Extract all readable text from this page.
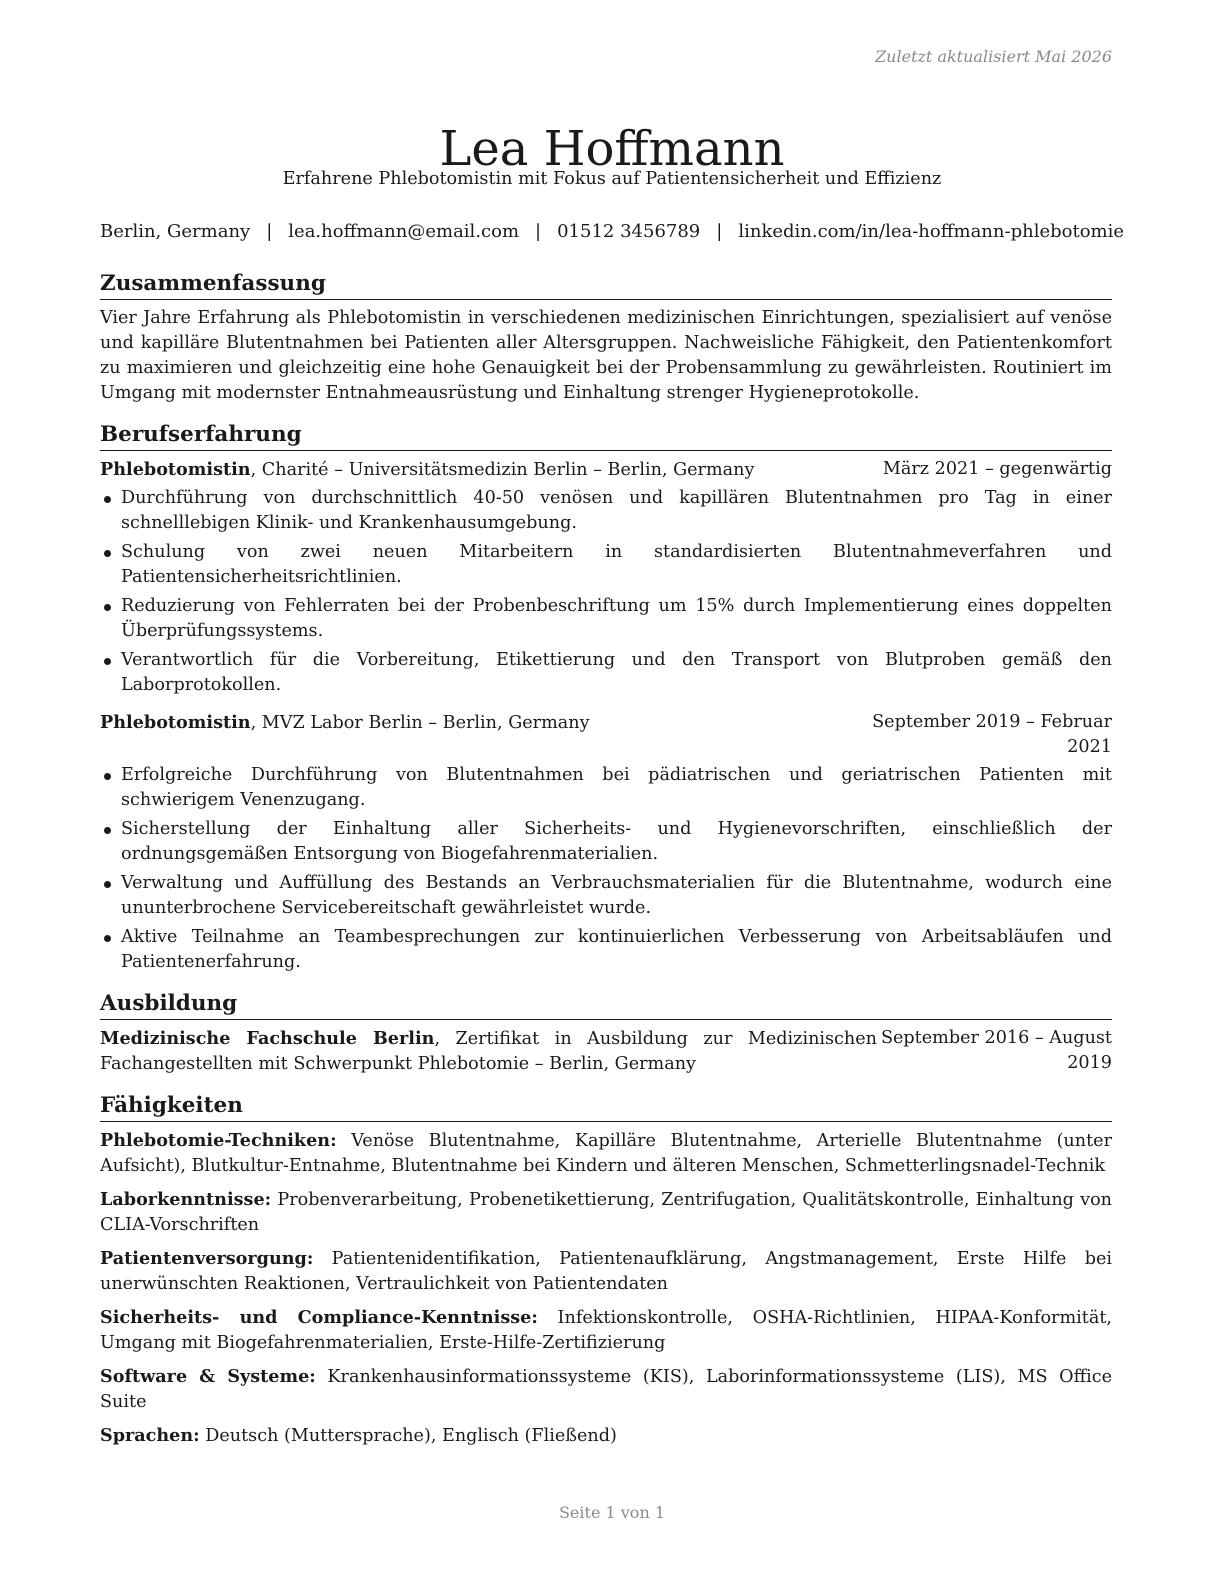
Zuletzt aktualisiert Mai 2026
Lea Hoffmann
Erfahrene Phlebotomistin mit Fokus auf Patientensicherheit und Effizienz
Berlin, Germany | lea.hoffmann@email.com | 01512 3456789 | linkedin.com/in/lea-hoffmann-phlebotomie
Zusammenfassung
Vier Jahre Erfahrung als Phlebotomistin in verschiedenen medizinischen Einrichtungen, spezialisiert auf venöse und kapilläre Blutentnahmen bei Patienten aller Altersgruppen. Nachweisliche Fähigkeit, den Patientenkomfort zu maximieren und gleichzeitig eine hohe Genauigkeit bei der Probensammlung zu gewährleisten. Routiniert im Umgang mit modernster Entnahmeausrüstung und Einhaltung strenger Hygieneprotokolle.
Berufserfahrung
Phlebotomistin, Charité – Universitätsmedizin Berlin – Berlin, Germany	März 2021 – gegenwärtig
Durchführung von durchschnittlich 40-50 venösen und kapillären Blutentnahmen pro Tag in einer schnelllebigen Klinik- und Krankenhausumgebung.
Schulung von zwei neuen Mitarbeitern in standardisierten Blutentnahmeverfahren und Patientensicherheitsrichtlinien.
Reduzierung von Fehlerraten bei der Probenbeschriftung um 15% durch Implementierung eines doppelten Überprüfungssystems.
Verantwortlich für die Vorbereitung, Etikettierung und den Transport von Blutproben gemäß den Laborprotokollen.
Phlebotomistin, MVZ Labor Berlin – Berlin, Germany	September 2019 – Februar 2021
Erfolgreiche Durchführung von Blutentnahmen bei pädiatrischen und geriatrischen Patienten mit schwierigem Venenzugang.
Sicherstellung der Einhaltung aller Sicherheits- und Hygienevorschriften, einschließlich der ordnungsgemäßen Entsorgung von Biogefahrenmaterialien.
Verwaltung und Auffüllung des Bestands an Verbrauchsmaterialien für die Blutentnahme, wodurch eine ununterbrochene Servicebereitschaft gewährleistet wurde.
Aktive Teilnahme an Teambesprechungen zur kontinuierlichen Verbesserung von Arbeitsabläufen und Patientenerfahrung.
Ausbildung
Medizinische Fachschule Berlin, Zertifikat in Ausbildung zur Medizinischen Fachangestellten mit Schwerpunkt Phlebotomie – Berlin, Germany
September 2016 – August 2019
Fähigkeiten
Phlebotomie-Techniken: Venöse Blutentnahme, Kapilläre Blutentnahme, Arterielle Blutentnahme (unter Aufsicht), Blutkultur-Entnahme, Blutentnahme bei Kindern und älteren Menschen, Schmetterlingsnadel-Technik
Laborkenntnisse: Probenverarbeitung, Probenetikettierung, Zentrifugation, Qualitätskontrolle, Einhaltung von CLIA-Vorschriften
Patientenversorgung: Patientenidentifikation, Patientenaufklärung, Angstmanagement, Erste Hilfe bei unerwünschten Reaktionen, Vertraulichkeit von Patientendaten
Sicherheits- und Compliance-Kenntnisse: Infektionskontrolle, OSHA-Richtlinien, HIPAA-Konformität, Umgang mit Biogefahrenmaterialien, Erste-Hilfe-Zertifizierung
Software & Systeme: Krankenhausinformationssysteme (KIS), Laborinformationssysteme (LIS), MS Office Suite
Sprachen: Deutsch (Muttersprache), Englisch (Fließend)
Seite 1 von 1
